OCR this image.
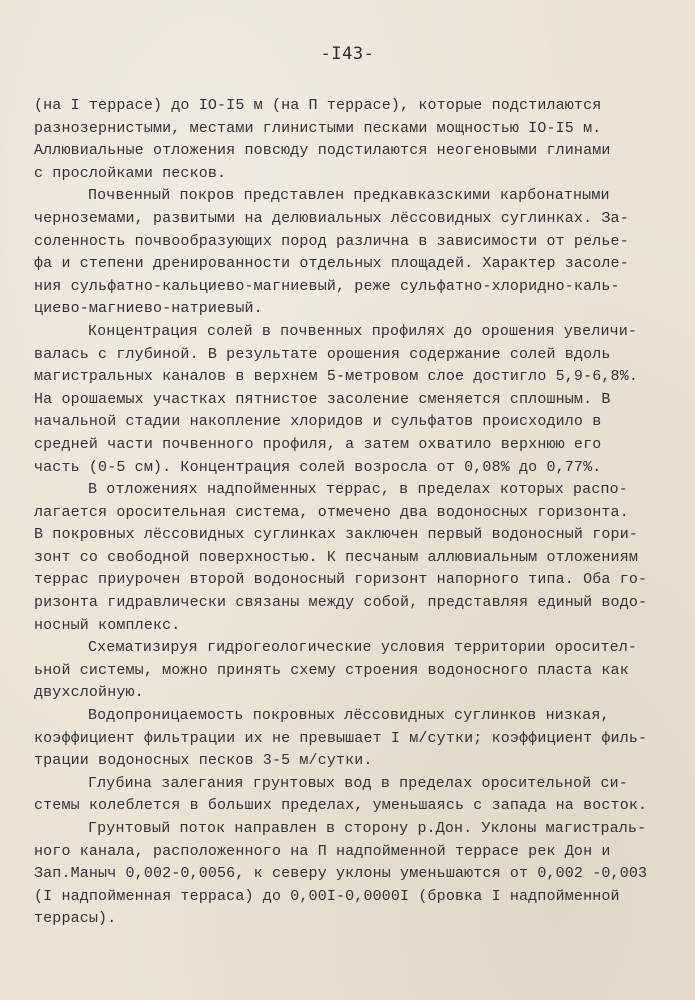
-I43-
(на I террасе) до IO-I5 м (на П террасе), которые подстилаются
разнозернистыми, местами глинистыми песками мощностью IO-I5 м.
Аллювиальные отложения повсюду подстилаются неогеновыми глинами
с прослойками песков.
Почвенный покров представлен предкавказскими карбонатными
черноземами, развитыми на делювиальных лёссовидных суглинках. За-
соленность почвообразующих пород различна в зависимости от релье-
фа и степени дренированности отдельных площадей. Характер засоле-
ния сульфатно-кальциево-магниевый, реже сульфатно-хлоридно-каль-
циево-магниево-натриевый.
Концентрация солей в почвенных профилях до орошения увеличи-
валась с глубиной. В результате орошения содержание солей вдоль
магистральных каналов в верхнем 5-метровом слое достигло 5,9-6,8%.
На орошаемых участках пятнистое засоление сменяется сплошным. В
начальной стадии накопление хлоридов и сульфатов происходило в
средней части почвенного профиля, а затем охватило верхнюю его
часть (0-5 см). Концентрация солей возросла от 0,08% до 0,77%.
В отложениях надпойменных террас, в пределах которых распо-
лагается оросительная система, отмечено два водоносных горизонта.
В покровных лёссовидных суглинках заключен первый водоносный гори-
зонт со свободной поверхностью. К песчаным аллювиальным отложениям
террас приурочен второй водоносный горизонт напорного типа. Оба го-
ризонта гидравлически связаны между собой, представляя единый водо-
носный комплекс.
Схематизируя гидрогеологические условия территории оросител-
ьной системы, можно принять схему строения водоносного пласта как
двухслойную.
Водопроницаемость покровных лёссовидных суглинков низкая,
коэффициент фильтрации их не превышает I м/сутки; коэффициент филь-
трации водоносных песков 3-5 м/сутки.
Глубина залегания грунтовых вод в пределах оросительной си-
стемы колеблется в больших пределах, уменьшаясь с запада на восток.
Грунтовый поток направлен в сторону р.Дон. Уклоны магистраль-
ного канала, расположенного на П надпойменной террасе рек Дон и
Зап.Маныч 0,002-0,0056, к северу уклоны уменьшаются от 0,002 -0,003
(I надпойменная терраса) до 0,00I-0,0000I (бровка I надпойменной
террасы).
